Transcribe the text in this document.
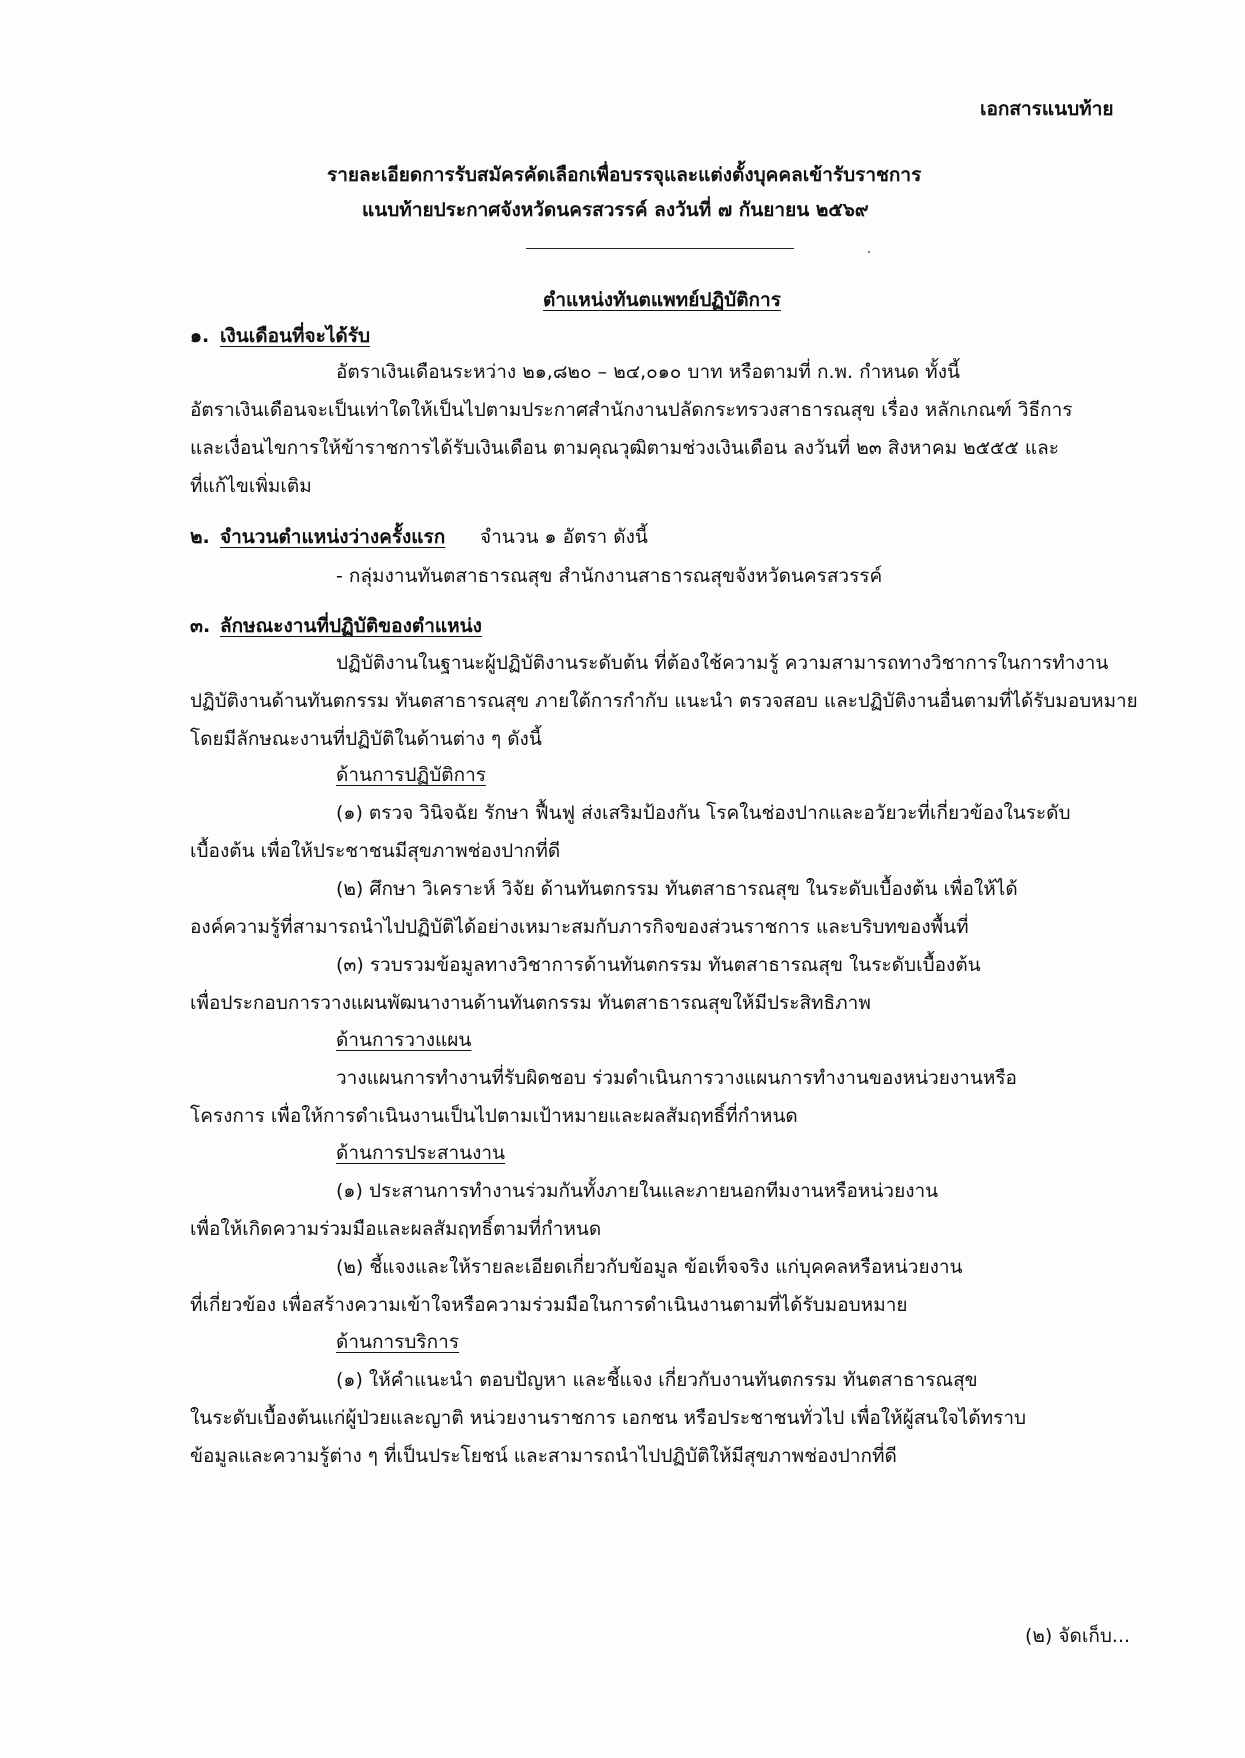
เอกสารแนบท้าย
รายละเอียดการรับสมัครคัดเลือกเพื่อบรรจุและแต่งตั้งบุคคลเข้ารับราชการ
แนบท้ายประกาศจังหวัดนครสวรรค์ ลงวันที่ ๗ กันยายน ๒๕๖๙
ตำแหน่งทันตแพทย์ปฏิบัติการ
๑. เงินเดือนที่จะได้รับ
อัตราเงินเดือนระหว่าง ๒๑,๘๒๐ – ๒๔,๐๑๐ บาท หรือตามที่ ก.พ. กำหนด ทั้งนี้
อัตราเงินเดือนจะเป็นเท่าใดให้เป็นไปตามประกาศสำนักงานปลัดกระทรวงสาธารณสุข เรื่อง หลักเกณฑ์ วิธีการ
และเงื่อนไขการให้ข้าราชการได้รับเงินเดือน ตามคุณวุฒิตามช่วงเงินเดือน ลงวันที่ ๒๓ สิงหาคม ๒๕๕๕ และ
ที่แก้ไขเพิ่มเติม
๒. จำนวนตำแหน่งว่างครั้งแรก จำนวน ๑ อัตรา ดังนี้
- กลุ่มงานทันตสาธารณสุข สำนักงานสาธารณสุขจังหวัดนครสวรรค์
๓. ลักษณะงานที่ปฏิบัติของตำแหน่ง
ปฏิบัติงานในฐานะผู้ปฏิบัติงานระดับต้น ที่ต้องใช้ความรู้ ความสามารถทางวิชาการในการทำงาน
ปฏิบัติงานด้านทันตกรรม ทันตสาธารณสุข ภายใต้การกำกับ แนะนำ ตรวจสอบ และปฏิบัติงานอื่นตามที่ได้รับมอบหมาย
โดยมีลักษณะงานที่ปฏิบัติในด้านต่าง ๆ ดังนี้
ด้านการปฏิบัติการ
(๑) ตรวจ วินิจฉัย รักษา ฟื้นฟู ส่งเสริมป้องกัน โรคในช่องปากและอวัยวะที่เกี่ยวข้องในระดับ
เบื้องต้น เพื่อให้ประชาชนมีสุขภาพช่องปากที่ดี
(๒) ศึกษา วิเคราะห์ วิจัย ด้านทันตกรรม ทันตสาธารณสุข ในระดับเบื้องต้น เพื่อให้ได้
องค์ความรู้ที่สามารถนำไปปฏิบัติได้อย่างเหมาะสมกับภารกิจของส่วนราชการ และบริบทของพื้นที่
(๓) รวบรวมข้อมูลทางวิชาการด้านทันตกรรม ทันตสาธารณสุข ในระดับเบื้องต้น
เพื่อประกอบการวางแผนพัฒนางานด้านทันตกรรม ทันตสาธารณสุขให้มีประสิทธิภาพ
ด้านการวางแผน
วางแผนการทำงานที่รับผิดชอบ ร่วมดำเนินการวางแผนการทำงานของหน่วยงานหรือ
โครงการ เพื่อให้การดำเนินงานเป็นไปตามเป้าหมายและผลสัมฤทธิ์ที่กำหนด
ด้านการประสานงาน
(๑) ประสานการทำงานร่วมกันทั้งภายในและภายนอกทีมงานหรือหน่วยงาน
เพื่อให้เกิดความร่วมมือและผลสัมฤทธิ์ตามที่กำหนด
(๒) ชี้แจงและให้รายละเอียดเกี่ยวกับข้อมูล ข้อเท็จจริง แก่บุคคลหรือหน่วยงาน
ที่เกี่ยวข้อง เพื่อสร้างความเข้าใจหรือความร่วมมือในการดำเนินงานตามที่ได้รับมอบหมาย
ด้านการบริการ
(๑) ให้คำแนะนำ ตอบปัญหา และชี้แจง เกี่ยวกับงานทันตกรรม ทันตสาธารณสุข
ในระดับเบื้องต้นแก่ผู้ป่วยและญาติ หน่วยงานราชการ เอกชน หรือประชาชนทั่วไป เพื่อให้ผู้สนใจได้ทราบ
ข้อมูลและความรู้ต่าง ๆ ที่เป็นประโยชน์ และสามารถนำไปปฏิบัติให้มีสุขภาพช่องปากที่ดี
(๒) จัดเก็บ...
